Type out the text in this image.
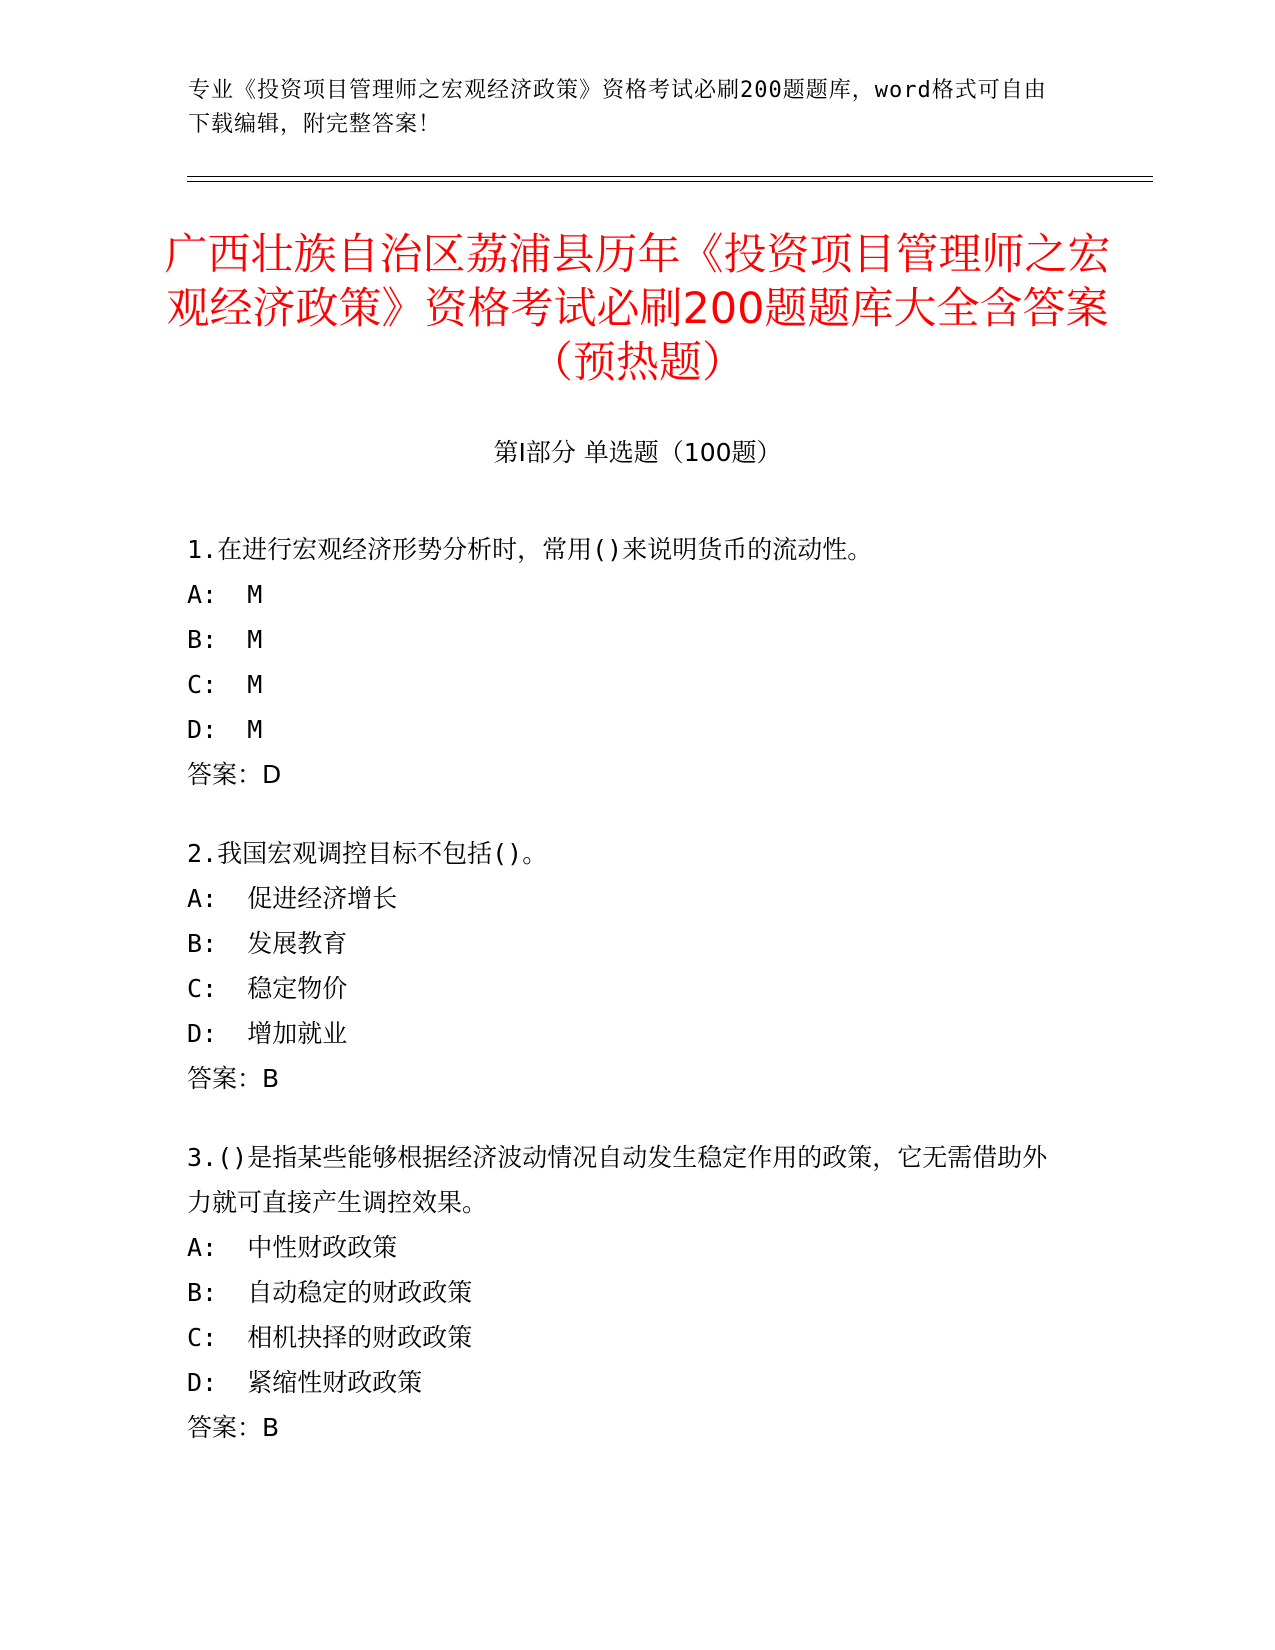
专业《投资项目管理师之宏观经济政策》资格考试必刷200题题库，word格式可自由下载编辑，附完整答案！

广西壮族自治区荔浦县历年《投资项目管理师之宏观经济政策》资格考试必刷200题题库大全含答案（预热题）
第Ⅰ部分 单选题（100题）

1.在进行宏观经济形势分析时，常用()来说明货币的流动性。

A:  M

B:  M

C:  M

D:  M

答案：D

2.我国宏观调控目标不包括()。

A:  促进经济增长

B:  发展教育

C:  稳定物价

D:  增加就业

答案：B

3.()是指某些能够根据经济波动情况自动发生稳定作用的政策，它无需借助外力就可直接产生调控效果。

A:  中性财政政策

B:  自动稳定的财政政策

C:  相机抉择的财政政策

D:  紧缩性财政政策

答案：B
